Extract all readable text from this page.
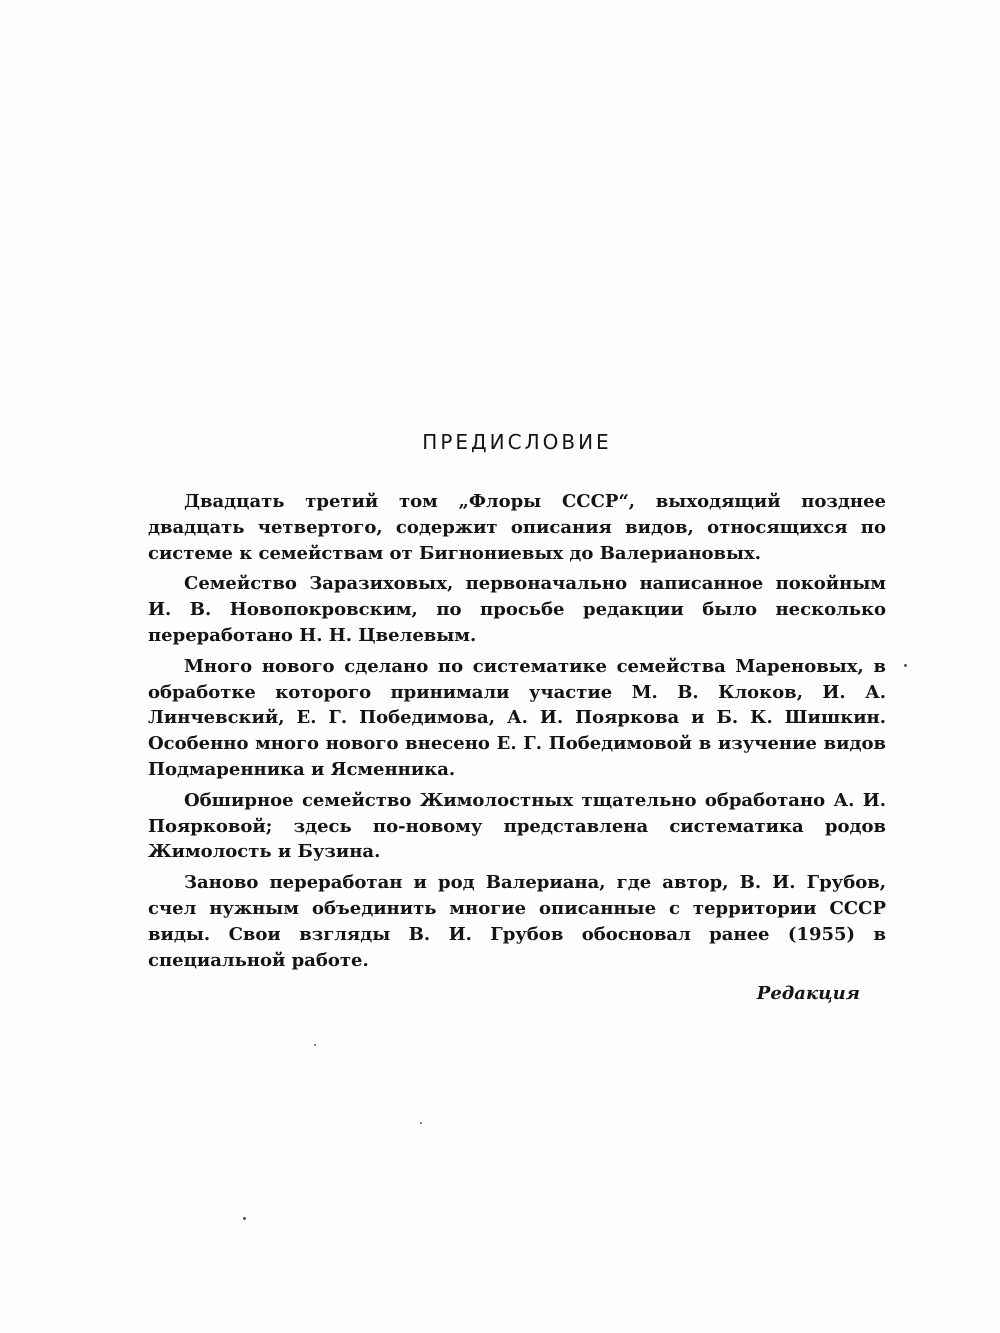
ПРЕДИСЛОВИЕ

Двадцать третий том „Флоры СССР“, выходящий позднее двадцать четвертого, содержит описания видов, относящихся по системе к семействам от Бигнониевых до Валериановых.

Семейство Заразиховых, первоначально написанное покойным И. В. Новопокровским, по просьбе редакции было несколько переработано Н. Н. Цвелевым.

Много нового сделано по систематике семейства Мареновых, в обработке которого принимали участие М. В. Клоков, И. А. Линчевский, Е. Г. Победимова, А. И. Пояркова и Б. К. Шишкин. Особенно много нового внесено Е. Г. Победимовой в изучение видов Подмаренника и Ясменника.

Обширное семейство Жимолостных тщательно обработано А. И. Поярковой; здесь по-новому представлена систематика родов Жимолость и Бузина.

Заново переработан и род Валериана, где автор, В. И. Грубов, счел нужным объединить многие описанные с территории СССР виды. Свои взгляды В. И. Грубов обосновал ранее (1955) в специальной работе.

Редакция
